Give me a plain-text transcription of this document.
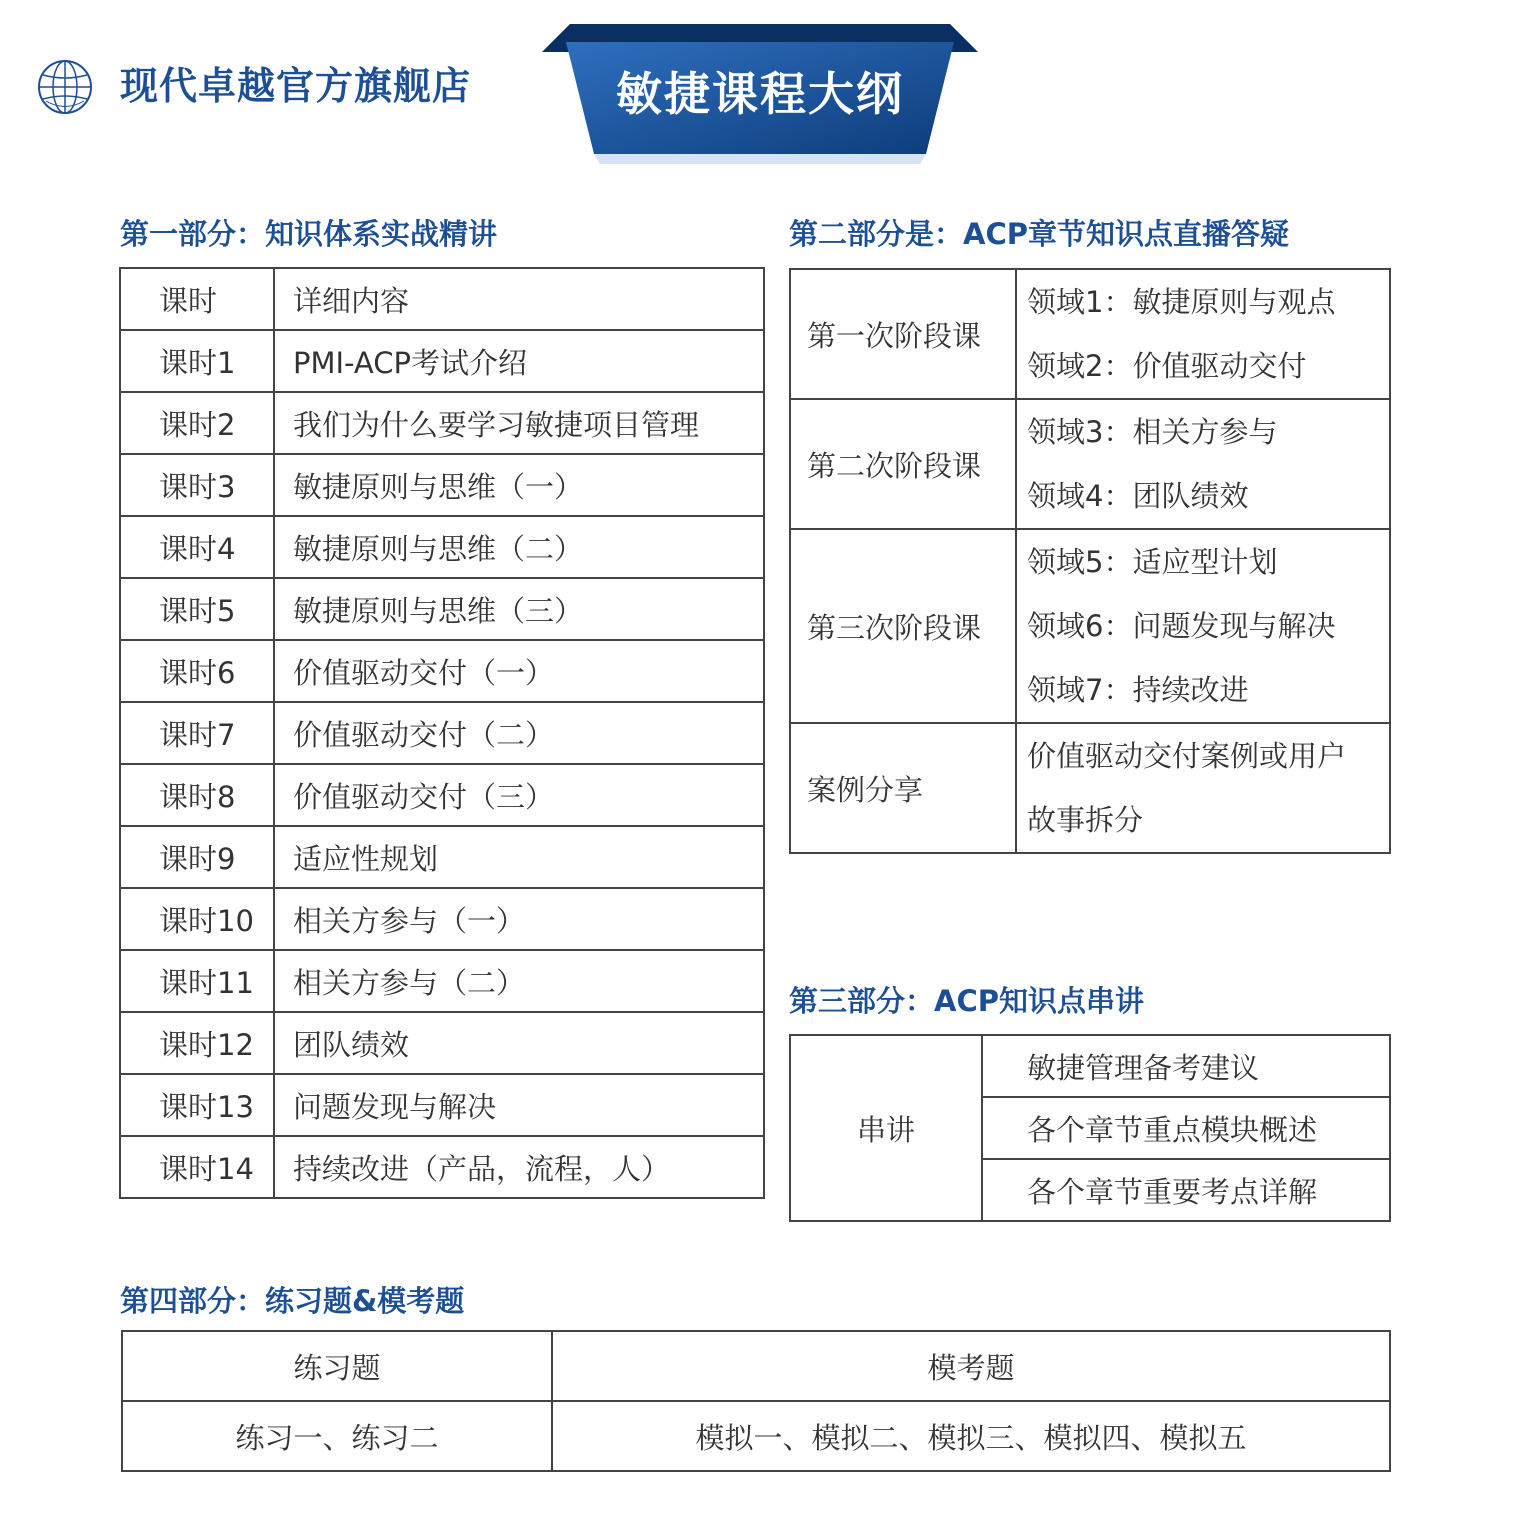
现代卓越官方旗舰店	敏捷课程大纲
第一部分：知识体系实战精讲
课时	详细内容
课时1	PMI-ACP考试介绍
课时2	我们为什么要学习敏捷项目管理
课时3	敏捷原则与思维（一）
课时4	敏捷原则与思维（二）
课时5	敏捷原则与思维（三）
课时6	价值驱动交付（一）
课时7	价值驱动交付（二）
课时8	价值驱动交付（三）
课时9	适应性规划
课时10	相关方参与（一）
课时11	相关方参与（二）
课时12	团队绩效
课时13	问题发现与解决
课时14	持续改进（产品，流程，人）
第二部分是：ACP章节知识点直播答疑
第一次阶段课	领域1：敏捷原则与观点
领域2：价值驱动交付

第二次阶段课	领域3：相关方参与
领域4：团队绩效

第三次阶段课	领域5：适应型计划
领域6：问题发现与解决
领域7：持续改进

案例分享	价值驱动交付案例或用户
故事拆分
第三部分：ACP知识点串讲
串讲	敏捷管理备考建议
各个章节重点模块概述
各个章节重要考点详解
第四部分：练习题&模考题
练习题	模考题
练习一、练习二	模拟一、模拟二、模拟三、模拟四、模拟五
